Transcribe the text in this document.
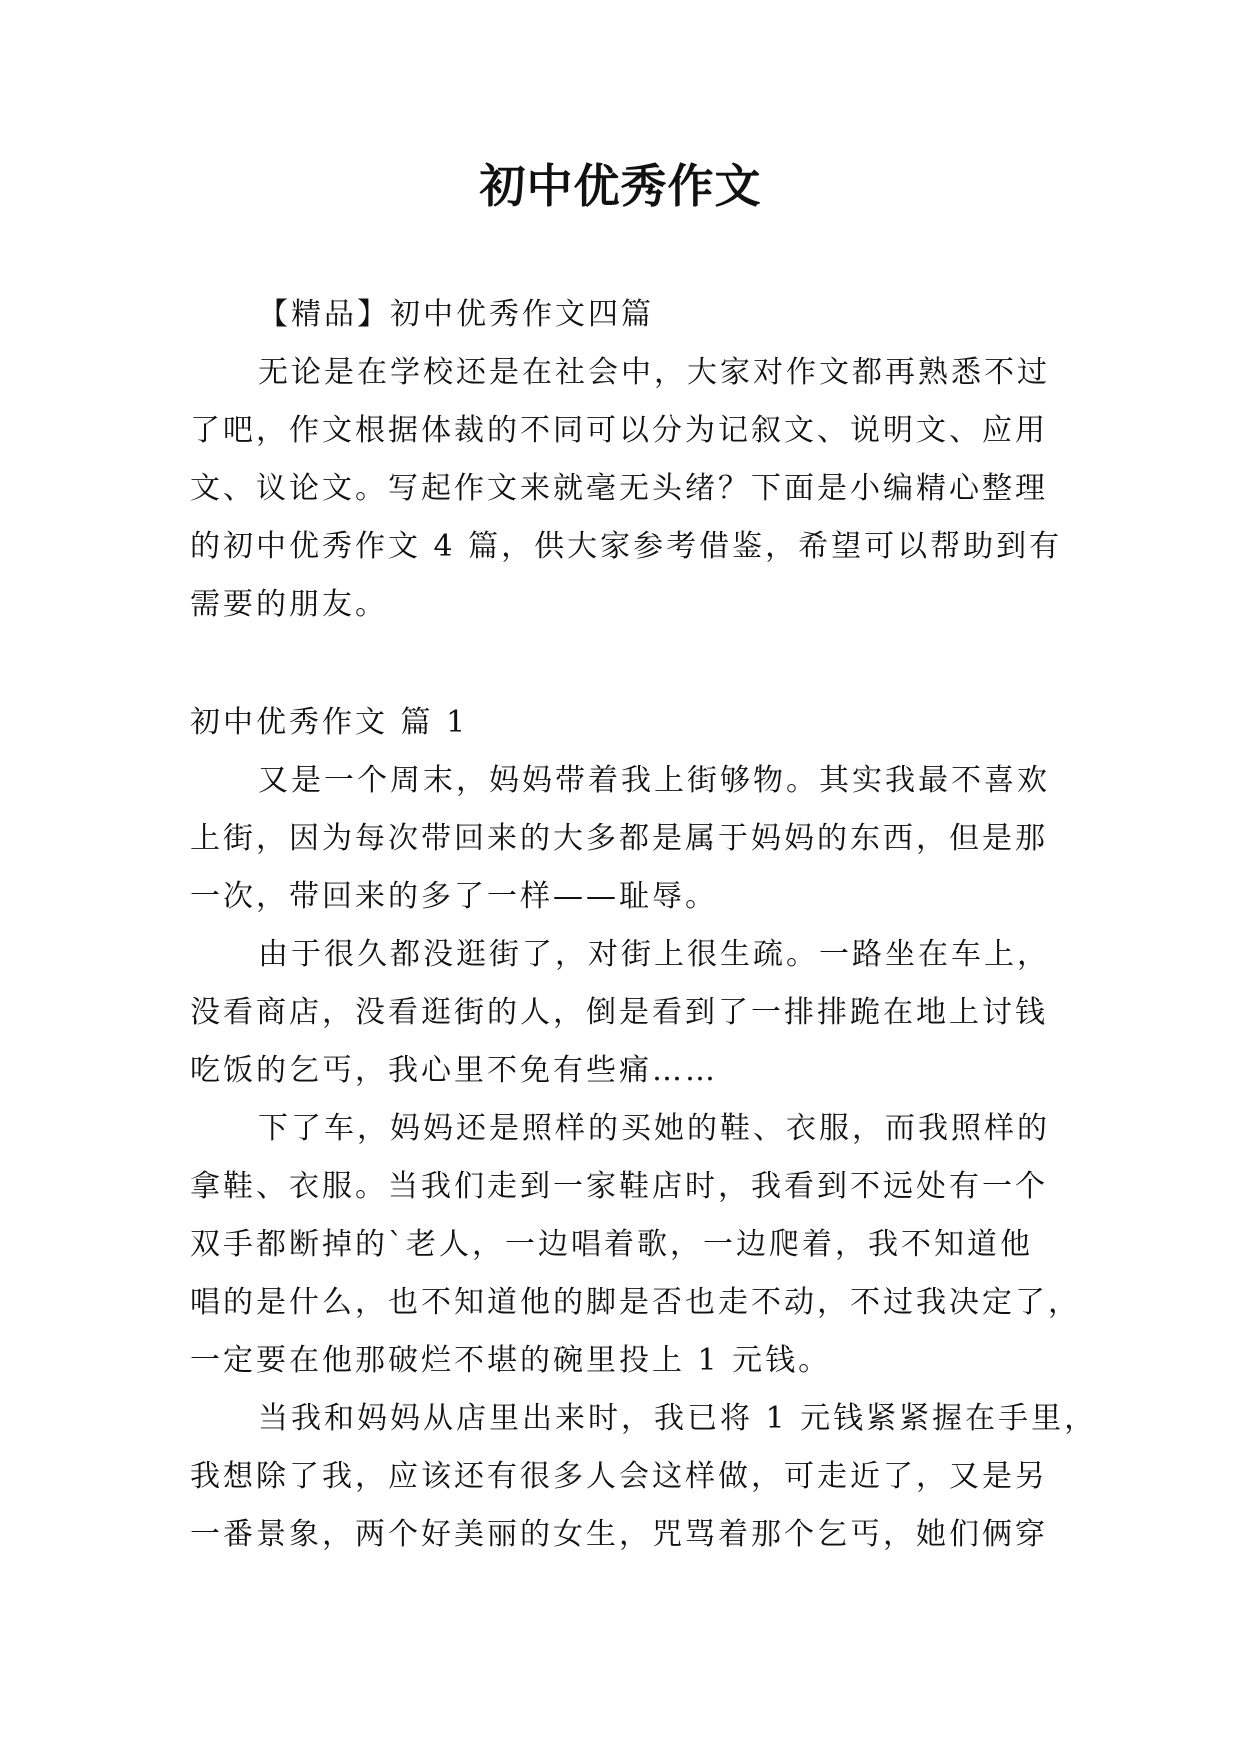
初中优秀作文
【精品】初中优秀作文四篇
无论是在学校还是在社会中，大家对作文都再熟悉不过
了吧，作文根据体裁的不同可以分为记叙文、说明文、应用
文、议论文。写起作文来就毫无头绪？下面是小编精心整理
的初中优秀作文 4 篇，供大家参考借鉴，希望可以帮助到有
需要的朋友。
初中优秀作文 篇 1
又是一个周末，妈妈带着我上街够物。其实我最不喜欢
上街，因为每次带回来的大多都是属于妈妈的东西，但是那
一次，带回来的多了一样——耻辱。
由于很久都没逛街了，对街上很生疏。一路坐在车上，
没看商店，没看逛街的人，倒是看到了一排排跪在地上讨钱
吃饭的乞丐，我心里不免有些痛……
下了车，妈妈还是照样的买她的鞋、衣服，而我照样的
拿鞋、衣服。当我们走到一家鞋店时，我看到不远处有一个
双手都断掉的`老人，一边唱着歌，一边爬着，我不知道他
唱的是什么，也不知道他的脚是否也走不动，不过我决定了，
一定要在他那破烂不堪的碗里投上 1 元钱。
当我和妈妈从店里出来时，我已将 1 元钱紧紧握在手里，
我想除了我，应该还有很多人会这样做，可走近了，又是另
一番景象，两个好美丽的女生，咒骂着那个乞丐，她们俩穿
